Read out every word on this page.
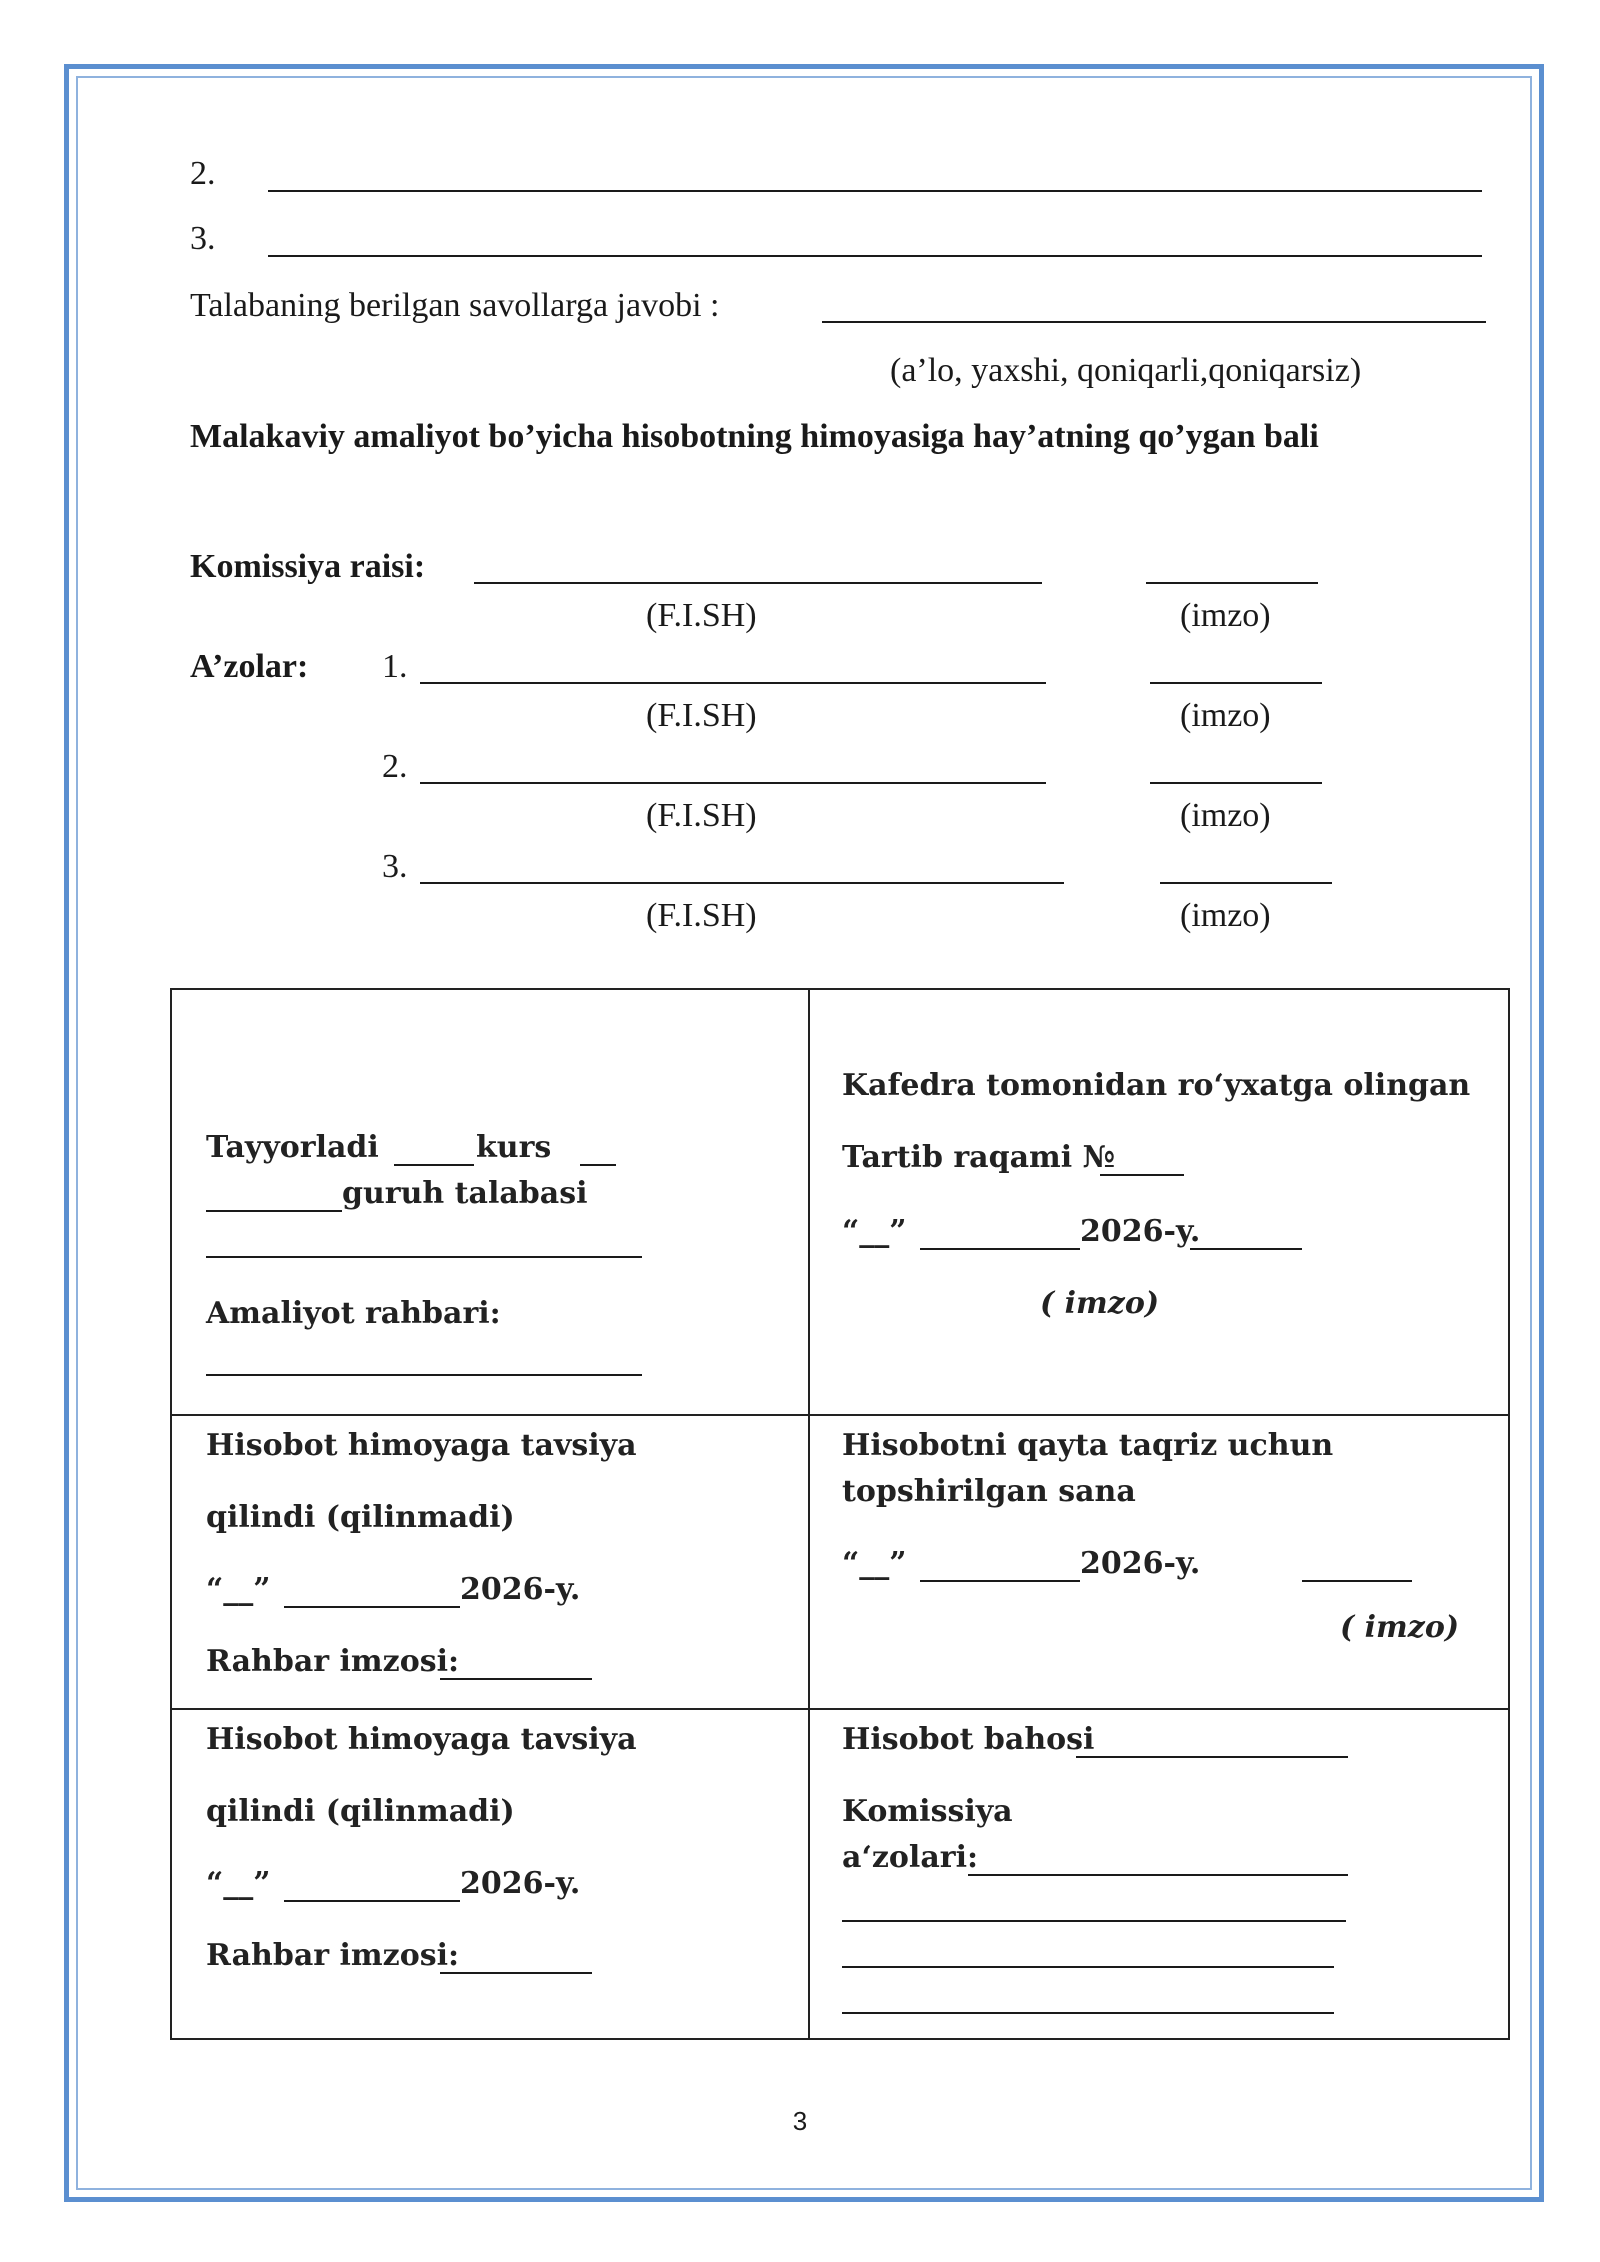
2.
3.
Talabaning berilgan savollarga javobi :
(a’lo, yaxshi, qoniqarli,qoniqarsiz)
Malakaviy amaliyot bo’yicha hisobotning himoyasiga hay’atning qo’ygan bali
Komissiya raisi:
(F.I.SH)	(imzo)
A’zolar: 1.
(F.I.SH)	(imzo)
2.
(F.I.SH)	(imzo)
3.
(F.I.SH)	(imzo)
Tayyorladi	kurs
guruh talabasi
Amaliyot rahbari:
Kafedra tomonidan ro‘yxatga olingan
Tartib raqami №
“__”	2026-y.
( imzo)
Hisobot himoyaga tavsiya
qilindi (qilinmadi)
“__”	2026-y.
Rahbar imzosi:
Hisobotni qayta taqriz uchun
topshirilgan sana
“__”	2026-y.
( imzo)
Hisobot himoyaga tavsiya
qilindi (qilinmadi)
“__”	2026-y.
Rahbar imzosi:
Hisobot bahosi
Komissiya
a‘zolari:
3
